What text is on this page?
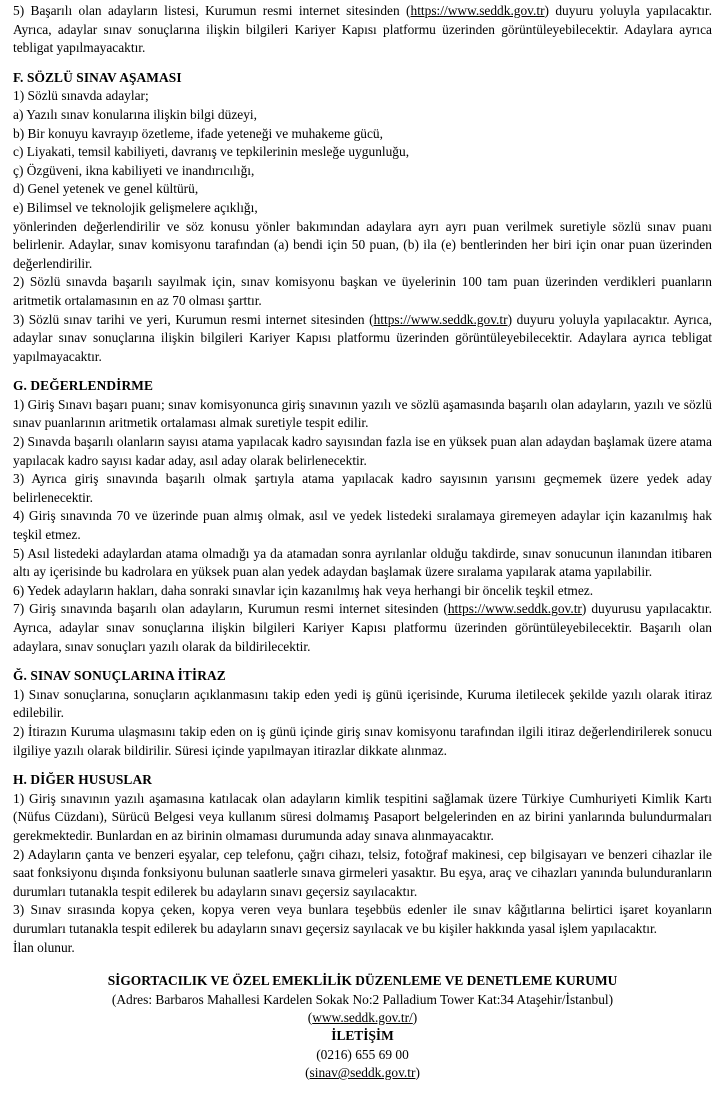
5) Başarılı olan adayların listesi, Kurumun resmi internet sitesinden (https://www.seddk.gov.tr) duyuru yoluyla yapılacaktır. Ayrıca, adaylar sınav sonuçlarına ilişkin bilgileri Kariyer Kapısı platformu üzerinden görüntüleyebilecektir. Adaylara ayrıca tebligat yapılmayacaktır.

F. SÖZLÜ SINAV AŞAMASI

1) Sözlü sınavda adaylar;

a) Yazılı sınav konularına ilişkin bilgi düzeyi,

b) Bir konuyu kavrayıp özetleme, ifade yeteneği ve muhakeme gücü,

c) Liyakati, temsil kabiliyeti, davranış ve tepkilerinin mesleğe uygunluğu,

ç) Özgüveni, ikna kabiliyeti ve inandırıcılığı,

d) Genel yetenek ve genel kültürü,

e) Bilimsel ve teknolojik gelişmelere açıklığı,

yönlerinden değerlendirilir ve söz konusu yönler bakımından adaylara ayrı ayrı puan verilmek suretiyle sözlü sınav puanı belirlenir. Adaylar, sınav komisyonu tarafından (a) bendi için 50 puan, (b) ila (e) bentlerinden her biri için onar puan üzerinden değerlendirilir.

2) Sözlü sınavda başarılı sayılmak için, sınav komisyonu başkan ve üyelerinin 100 tam puan üzerinden verdikleri puanların aritmetik ortalamasının en az 70 olması şarttır.

3) Sözlü sınav tarihi ve yeri, Kurumun resmi internet sitesinden (https://www.seddk.gov.tr) duyuru yoluyla yapılacaktır. Ayrıca, adaylar sınav sonuçlarına ilişkin bilgileri Kariyer Kapısı platformu üzerinden görüntüleyebilecektir. Adaylara ayrıca tebligat yapılmayacaktır.

G. DEĞERLENDİRME

1) Giriş Sınavı başarı puanı; sınav komisyonunca giriş sınavının yazılı ve sözlü aşamasında başarılı olan adayların, yazılı ve sözlü sınav puanlarının aritmetik ortalaması almak suretiyle tespit edilir.

2) Sınavda başarılı olanların sayısı atama yapılacak kadro sayısından fazla ise en yüksek puan alan adaydan başlamak üzere atama yapılacak kadro sayısı kadar aday, asıl aday olarak belirlenecektir.

3) Ayrıca giriş sınavında başarılı olmak şartıyla atama yapılacak kadro sayısının yarısını geçmemek üzere yedek aday belirlenecektir.

4) Giriş sınavında 70 ve üzerinde puan almış olmak, asıl ve yedek listedeki sıralamaya giremeyen adaylar için kazanılmış hak teşkil etmez.

5) Asıl listedeki adaylardan atama olmadığı ya da atamadan sonra ayrılanlar olduğu takdirde, sınav sonucunun ilanından itibaren altı ay içerisinde bu kadrolara en yüksek puan alan yedek adaydan başlamak üzere sıralama yapılarak atama yapılabilir.

6) Yedek adayların hakları, daha sonraki sınavlar için kazanılmış hak veya herhangi bir öncelik teşkil etmez.

7) Giriş sınavında başarılı olan adayların, Kurumun resmi internet sitesinden (https://www.seddk.gov.tr) duyurusu yapılacaktır. Ayrıca, adaylar sınav sonuçlarına ilişkin bilgileri Kariyer Kapısı platformu üzerinden görüntüleyebilecektir. Başarılı olan adaylara, sınav sonuçları yazılı olarak da bildirilecektir.

Ğ. SINAV SONUÇLARINA İTİRAZ

1) Sınav sonuçlarına, sonuçların açıklanmasını takip eden yedi iş günü içerisinde, Kuruma iletilecek şekilde yazılı olarak itiraz edilebilir.

2) İtirazın Kuruma ulaşmasını takip eden on iş günü içinde giriş sınav komisyonu tarafından ilgili itiraz değerlendirilerek sonucu ilgiliye yazılı olarak bildirilir. Süresi içinde yapılmayan itirazlar dikkate alınmaz.

H. DİĞER HUSUSLAR

1) Giriş sınavının yazılı aşamasına katılacak olan adayların kimlik tespitini sağlamak üzere Türkiye Cumhuriyeti Kimlik Kartı (Nüfus Cüzdanı), Sürücü Belgesi veya kullanım süresi dolmamış Pasaport belgelerinden en az birini yanlarında bulundurmaları gerekmektedir. Bunlardan en az birinin olmaması durumunda aday sınava alınmayacaktır.

2) Adayların çanta ve benzeri eşyalar, cep telefonu, çağrı cihazı, telsiz, fotoğraf makinesi, cep bilgisayarı ve benzeri cihazlar ile saat fonksiyonu dışında fonksiyonu bulunan saatlerle sınava girmeleri yasaktır. Bu eşya, araç ve cihazları yanında bulunduranların durumları tutanakla tespit edilerek bu adayların sınavı geçersiz sayılacaktır.

3) Sınav sırasında kopya çeken, kopya veren veya bunlara teşebbüs edenler ile sınav kâğıtlarına belirtici işaret koyanların durumları tutanakla tespit edilerek bu adayların sınavı geçersiz sayılacak ve bu kişiler hakkında yasal işlem yapılacaktır.

İlan olunur.

SİGORTACILIK VE ÖZEL EMEKLİLİK DÜZENLEME VE DENETLEME KURUMU
(Adres: Barbaros Mahallesi Kardelen Sokak No:2 Palladium Tower Kat:34 Ataşehir/İstanbul)
(www.seddk.gov.tr/)
İLETİŞİM
(0216) 655 69 00
(sinav@seddk.gov.tr)
